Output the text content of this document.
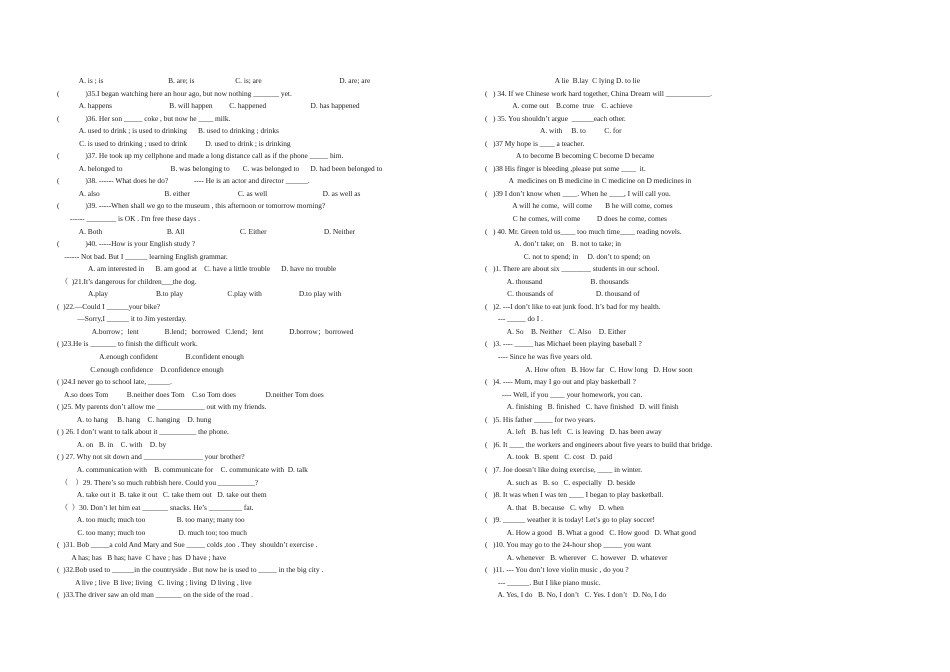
A. is ; is                                   B. are; is                      C. is; are                                          D. are; are
(              )35.I began watching here an hour ago, but now nothing _______ yet.
A. happens                               B. will happen         C. happened                        D. has happened
(              )36. Her son _____ coke , but now he ____ milk.
A. used to drink ; is used to drinking      B. used to drinking ; drinks
C. is used to drinking ; used to drink          D. used to drink ; is drinking
(              )37. He took up my cellphone and made a long distance call as if the phone _____ him.
A. belonged to                          B. was belonging to       C. was belonged to      D. had been belonged to
(              )38. ------ What does he do?              ---- He is an actor and director ______.
A. also                                   B. either                          C. as well                              D. as well as
(              )39. -----When shall we go to the museum , this afternoon or tomorrow morning?
------ ________ is OK . I'm free these days .
A. Both                                   B. All                              C. Either                               D. Neither
(              )40. -----How is your English study ?
------ Not bad. But I ______ learning English grammar.
A. am interested in      B. am good at    C. have a little trouble      D. have no trouble
（  )21.It’s dangerous for children___the dog.
A.play                          B.to play                        C.play with                    D.to play with
(  )22.—Could I ______your bike?
—Sorry,I ______ it to Jim yesterday.
A.borrow；lent              B.lend；borrowed   C.lend；lent              D.borrow；borrowed
( )23.He is _______ to finish the difficult work.
A.enough confident               B.confident enough
C.enough confidence    D.confidence enough
( )24.I never go to school late, ______.
A.so does Tom          B.neither does Tom    C.so Tom does                D.neither Tom does
( )25. My parents don’t allow me _____________ out with my friends.
A. to hang     B. hang    C. hanging    D. hung
( ) 26. I don’t want to talk about it __________ the phone.
A. on   B. in    C. with    D. by
( ) 27. Why not sit down and ________________ your brother?
A. communication with    B. communicate for    C. communicate with  D. talk
（    ）29. There’s so much rubbish here. Could you __________?
A. take out it  B. take it out   C. take them out   D. take out them
（  ）30. Don’t let him eat _______ snacks. He’s _________ fat.
A. too much; much too                 B. too many; many too
C. too many; much too                  D. much too; too much
(  )31. Bob _____a cold And Mary and Sue _____ colds ,too . They  shouldn’t exercise .
A has; has   B has; have  C have ; has  D have ; have
(  )32.Bob used to ______in the countryside . But now he is used to _____ in the big city .
A live ; live  B live; living   C. living ; living  D living , live
(  )33.The driver saw an old man _______ on the side of the road .
A lie  B.lay  C lying D. to lie
(   ) 34. If we Chinese work hard together, China Dream will ____________.
A. come out    B.come  true    C. achieve
(   ) 35. You shouldn’t argue  ______each other.
A. with     B. to          C. for
(   )37 My hope is ____ a teacher.
A to become B becoming C become D became
(   )38 His finger is bleeding ,please put some ____  it.
A  medicines on B medicine in C medicine on D medicines in
(   )39 I don’t know when ____. When he ____, I will call you.
A will he come,  will come       B he will come, comes
C he comes, will come         D does he come, comes
(   ) 40. Mr. Green told us____ too much time____ reading novels.
A. don’t take; on    B. not to take; in
C. not to spend; in     D. don’t to spend; on
(   )1. There are about six ________ students in our school.
A. thousand                          B. thousands
C. thousands of                       D. thousand of
(   )2. ---I don’t like to eat junk food. It’s bad for my health.
--- _____ do I .
A. So    B. Neither    C. Also    D. Either
(   )3. ---- _____ has Michael been playing baseball ?
---- Since he was five years old.
A. How often   B. How far   C. How long   D. How soon
(   )4. ---- Mum, may I go out and play basketball ?
---- Well, if you ____ your homework, you can.
A. finishing   B. finished   C. have finished   D. will finish
(   )5. His father _____ for two years.
A. left   B. has left   C. is leaving   D. has been away
(   )6. It ____ the workers and engineers about five years to build that bridge.
A. took   B. spent   C. cost   D. paid
(   )7. Joe doesn’t like doing exercise, ____ in winter.
A. such as   B. so   C. especially   D. beside
(   )8. It was when I was ten ____ I began to play basketball.
A. that   B. because   C. why    D. when
(   )9. ______ weather it is today! Let’s go to play soccer!
A. How a good   B. What a good   C. How good   D. What good
(   )10. You may go to the 24-hour shop _____ you want
A. whenever   B. wherever   C. however   D. whatever
(   )11. --- You don’t love violin music , do you ?
--- ______. But I like piano music.
A. Yes, I do   B. No, I don’t   C. Yes. I don’t   D. No, I do
